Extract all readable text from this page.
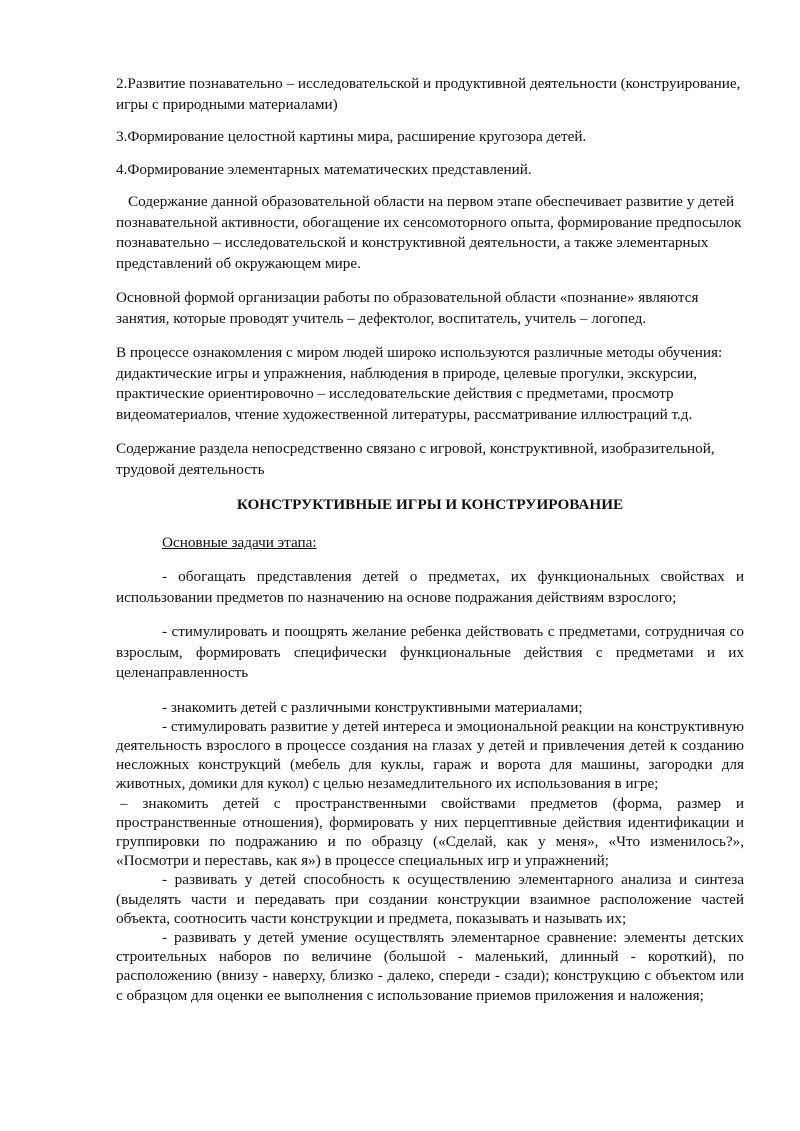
2.Развитие познавательно – исследовательской и продуктивной деятельности (конструирование, игры с природными материалами)

3.Формирование целостной картины мира, расширение кругозора детей.

4.Формирование элементарных математических представлений.

Содержание данной образовательной области на первом этапе обеспечивает развитие у детей познавательной активности, обогащение их сенсомоторного опыта, формирование предпосылок познавательно – исследовательской и конструктивной деятельности, а также элементарных представлений об окружающем мире.

Основной формой организации работы по образовательной области «познание» являются занятия, которые проводят учитель – дефектолог, воспитатель, учитель – логопед.

В процессе ознакомления с миром людей широко используются различные методы обучения: дидактические игры и упражнения, наблюдения в природе, целевые прогулки, экскурсии, практические ориентировочно – исследовательские действия с предметами, просмотр видеоматериалов, чтение художественной литературы, рассматривание иллюстраций т.д.

Содержание раздела непосредственно связано с игровой, конструктивной, изобразительной, трудовой деятельность

КОНСТРУКТИВНЫЕ ИГРЫ И КОНСТРУИРОВАНИЕ

Основные задачи этапа:

- обогащать представления детей о предметах, их функциональных свойствах и использовании предметов по назначению на основе подражания действиям взрослого;

- стимулировать и поощрять желание ребенка действовать с предметами, сотрудничая со взрослым, формировать специфически функциональные действия с предметами и их целенаправленность

- знакомить детей с различными конструктивными материалами;

- стимулировать развитие у детей интереса и эмоциональной реакции на конструктивную деятельность взрослого в процессе создания на глазах у детей и привлечения детей к созданию несложных конструкций (мебель для куклы, гараж и ворота для машины, загородки для животных, домики для кукол) с целью незамедлительного их использования в игре;

– знакомить детей с пространственными свойствами предметов (форма, размер и пространственные отношения), формировать у них перцептивные действия идентификации и группировки по подражанию и по образцу («Сделай, как у меня», «Что изменилось?», «Посмотри и переставь, как я») в процессе специальных игр и упражнений;

- развивать у детей способность к осуществлению элементарного анализа и синтеза (выделять части и передавать при создании конструкции взаимное расположение частей объекта, соотносить части конструкции и предмета, показывать и называть их;

- развивать у детей умение осуществлять элементарное сравнение: элементы детских строительных наборов по величине (большой - маленький, длинный - короткий), по расположению (внизу - наверху, близко - далеко, спереди - сзади); конструкцию с объектом или с образцом для оценки ее выполнения с использование приемов приложения и наложения;
